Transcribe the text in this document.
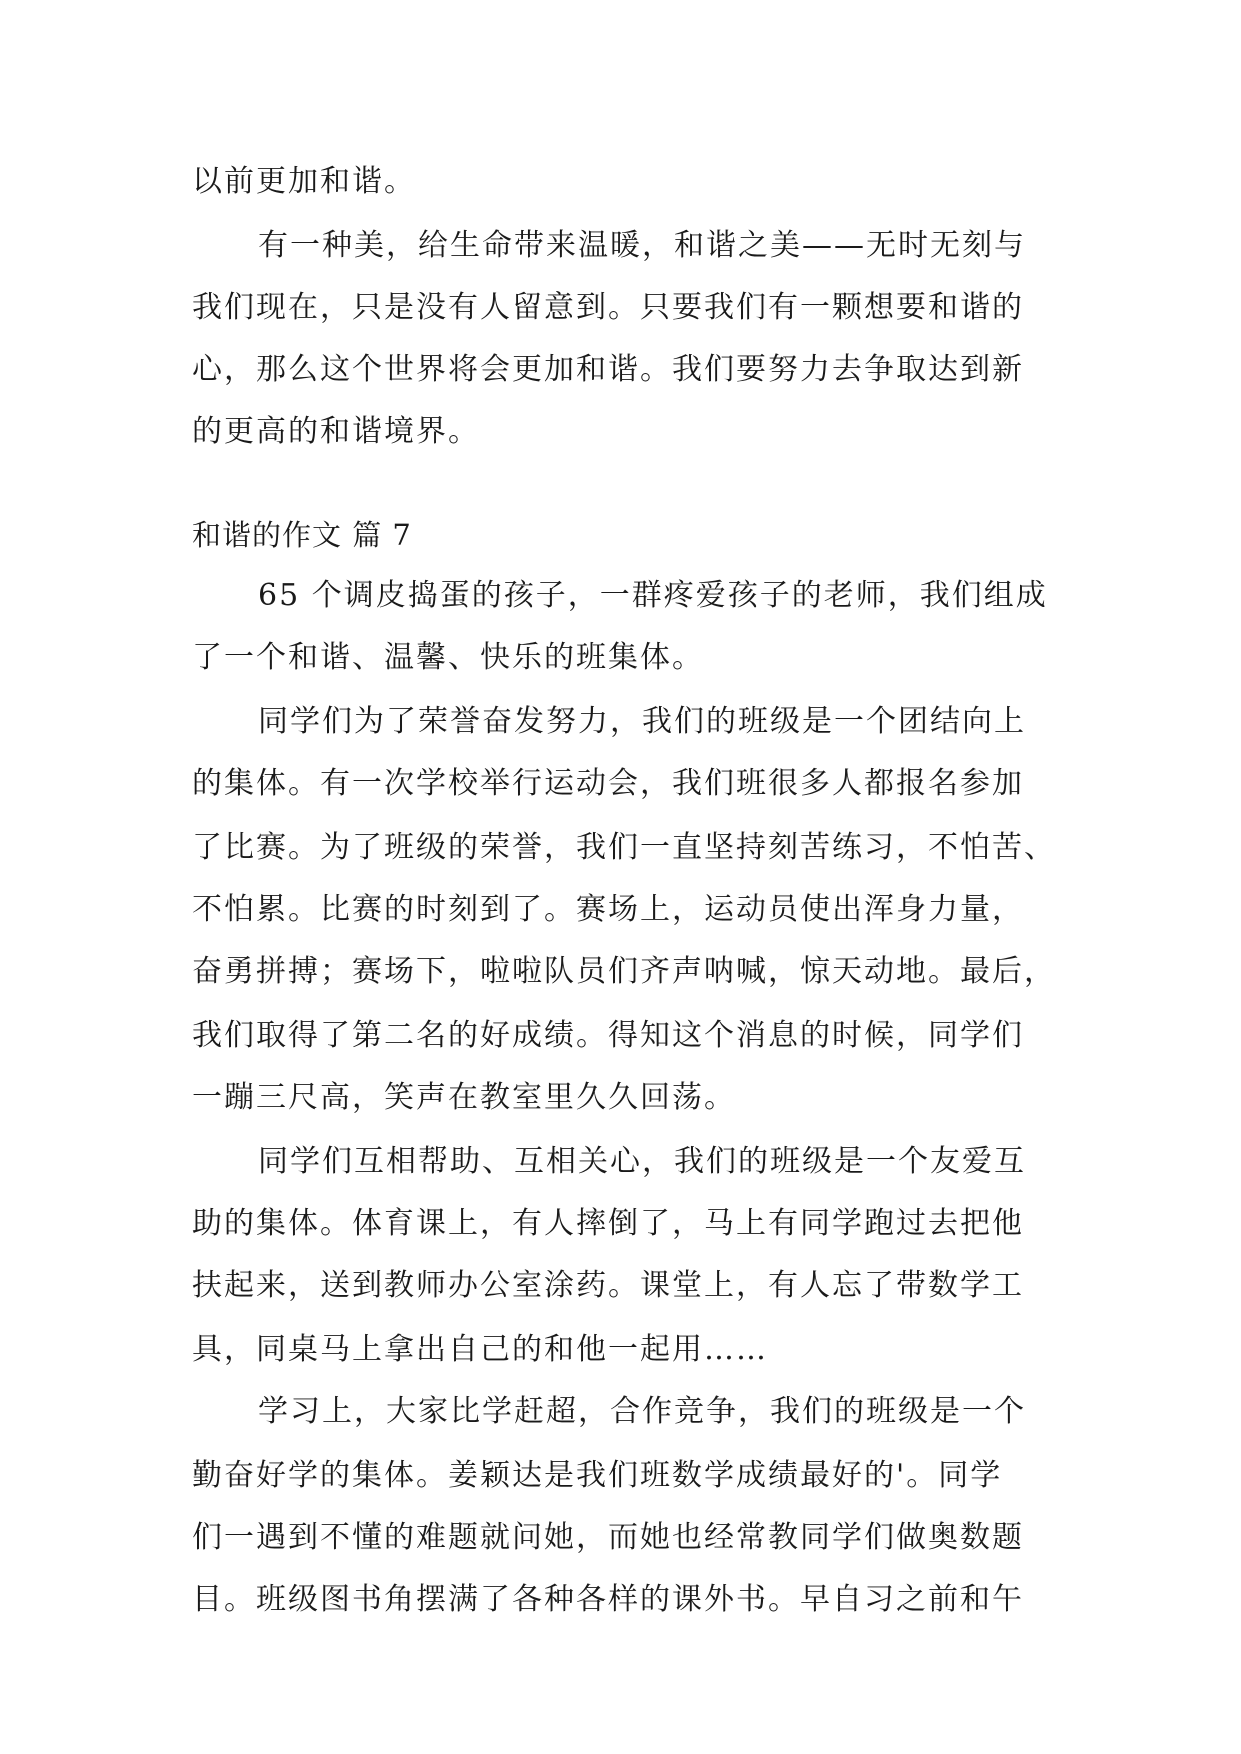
以前更加和谐。
有一种美，给生命带来温暖，和谐之美——无时无刻与
我们现在，只是没有人留意到。只要我们有一颗想要和谐的
心，那么这个世界将会更加和谐。我们要努力去争取达到新
的更高的和谐境界。
和谐的作文 篇 7
65 个调皮捣蛋的孩子，一群疼爱孩子的老师，我们组成
了一个和谐、温馨、快乐的班集体。
同学们为了荣誉奋发努力，我们的班级是一个团结向上
的集体。有一次学校举行运动会，我们班很多人都报名参加
了比赛。为了班级的荣誉，我们一直坚持刻苦练习，不怕苦、
不怕累。比赛的时刻到了。赛场上，运动员使出浑身力量，
奋勇拼搏；赛场下，啦啦队员们齐声呐喊，惊天动地。最后，
我们取得了第二名的好成绩。得知这个消息的时候，同学们
一蹦三尺高，笑声在教室里久久回荡。
同学们互相帮助、互相关心，我们的班级是一个友爱互
助的集体。体育课上，有人摔倒了，马上有同学跑过去把他
扶起来，送到教师办公室涂药。课堂上，有人忘了带数学工
具，同桌马上拿出自己的和他一起用……
学习上，大家比学赶超，合作竞争，我们的班级是一个
勤奋好学的集体。姜颖达是我们班数学成绩最好的'。同学
们一遇到不懂的难题就问她，而她也经常教同学们做奥数题
目。班级图书角摆满了各种各样的课外书。早自习之前和午
